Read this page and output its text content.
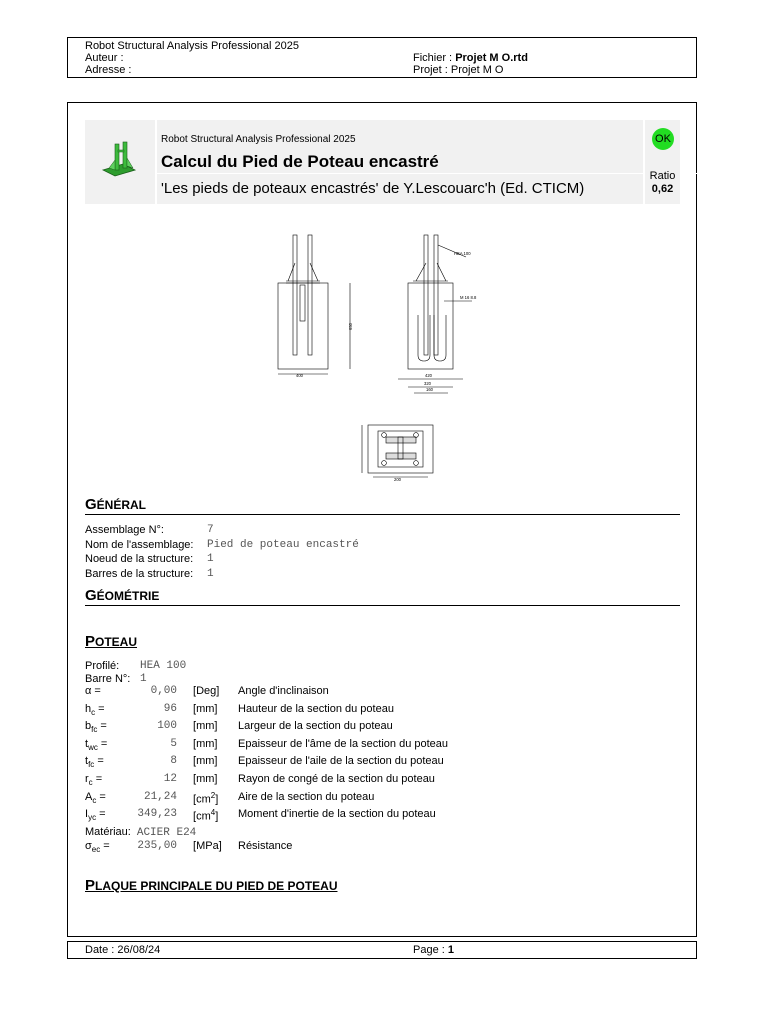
Robot Structural Analysis Professional 2025
Auteur :
Adresse :
Fichier : Projet M O.rtd
Projet : Projet M O
Robot Structural Analysis Professional 2025
Calcul du Pied de Poteau encastré
'Les pieds de poteaux encastrés' de Y.Lescouarc'h (Ed. CTICM)
OK
Ratio
0,62
400
650
420
320
160
200
HEA 100
M 16 8.8
GÉNÉRAL
Assemblage N°:	7
Nom de l'assemblage: Pied de poteau encastré
Noeud de la structure: 1
Barres de la structure: 1
GÉOMÉTRIE
POTEAU
Profilé: HEA 100
Barre N°: 1
α =	0,00 [Deg] Angle d'inclinaison
$h_c$ =	96 [mm] Hauteur de la section du poteau
$b_{fc}$ =	100 [mm] Largeur de la section du poteau
$t_{wc}$ =	5 [mm] Epaisseur de l'âme de la section du poteau
$t_{fc}$ =	8 [mm] Epaisseur de l'aile de la section du poteau
$r_c$ =	12 [mm] Rayon de congé de la section du poteau
$A_c$ =	21,24 $[cm^2]$ Aire de la section du poteau
$I_{yc}$ =	349,23 $[cm^4]$ Moment d'inertie de la section du poteau
Matériau: ACIER E24
$\sigma_{ec}$ =	235,00 [MPa] Résistance
PLAQUE PRINCIPALE DU PIED DE POTEAU
Date : 26/08/24	Page : 1
